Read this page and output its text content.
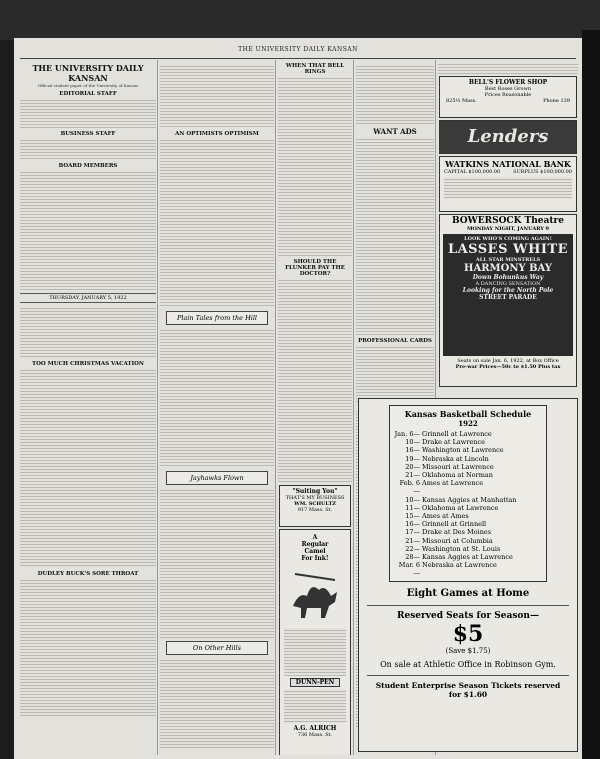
THE UNIVERSITY DAILY KANSAN
THE UNIVERSITY DAILY KANSAN
Official student paper of the University of Kansas
EDITORIAL STAFF
BUSINESS STAFF
BOARD MEMBERS
THURSDAY, JANUARY 5, 1922
TOO MUCH CHRISTMAS VACATION
DUDLEY BUCK'S SORE THROAT
AN OPTIMISTS OPTIMISM
Plain Tales from the Hill
Jayhawks Flown
On Other Hills
WHEN THAT BELL RINGS
SHOULD THE FLUNKER PAY THE DOCTOR?
"Suiting You"
THAT'S MY BUSINESS
WM. SCHULTZ
917 Mass. St.
A
Regular
Camel
For Ink!
DUNN-PEN
A.G. ALRICH
736 Mass. St.
WANT ADS
PROFESSIONAL CARDS
BELL'S FLOWER SHOP
Best Roses Grown
Prices Reasonable
825½ Mass.	Phone 139
Lenders
WATKINS NATIONAL BANK
CAPITAL $100,000.00	SURPLUS $100,000.00
BOWERSOCK Theatre
MONDAY NIGHT, JANUARY 9
LOOK WHO'S COMING AGAIN!
LASSES WHITE
ALL STAR MINSTRELS
HARMONY BAY
Down Bohunkus Way
A DANCING SENSATION
Looking for the North Pole
STREET PARADE
Seats on sale Jan. 6, 1922, at Box Office
Pre-war Prices—50c to $1.50 Plus tax
Kansas Basketball Schedule
1922
Jan. 6— Grinnell at Lawrence
10— Drake at Lawrence
16— Washington at Lawrence
19— Nebraska at Lincoln
20— Missouri at Lawrence
21— Oklahoma at Norman
Feb. 6—
Ames at Lawrence
10— Kansas Aggies at Manhattan
11— Oklahoma at Lawrence
15— Ames at Ames
16— Grinnell at Grinnell
17— Drake at Des Moines
21— Missouri at Columbia
22— Washington at St. Louis
28— Kansas Aggies at Lawrence
Mar. 6—
Nebraska at Lawrence
Eight Games at Home
Reserved Seats for Season—
$5
(Save $1.75)
On sale at Athletic Office in Robinson Gym.
Student Enterprise Season Tickets reserved
for $1.60
